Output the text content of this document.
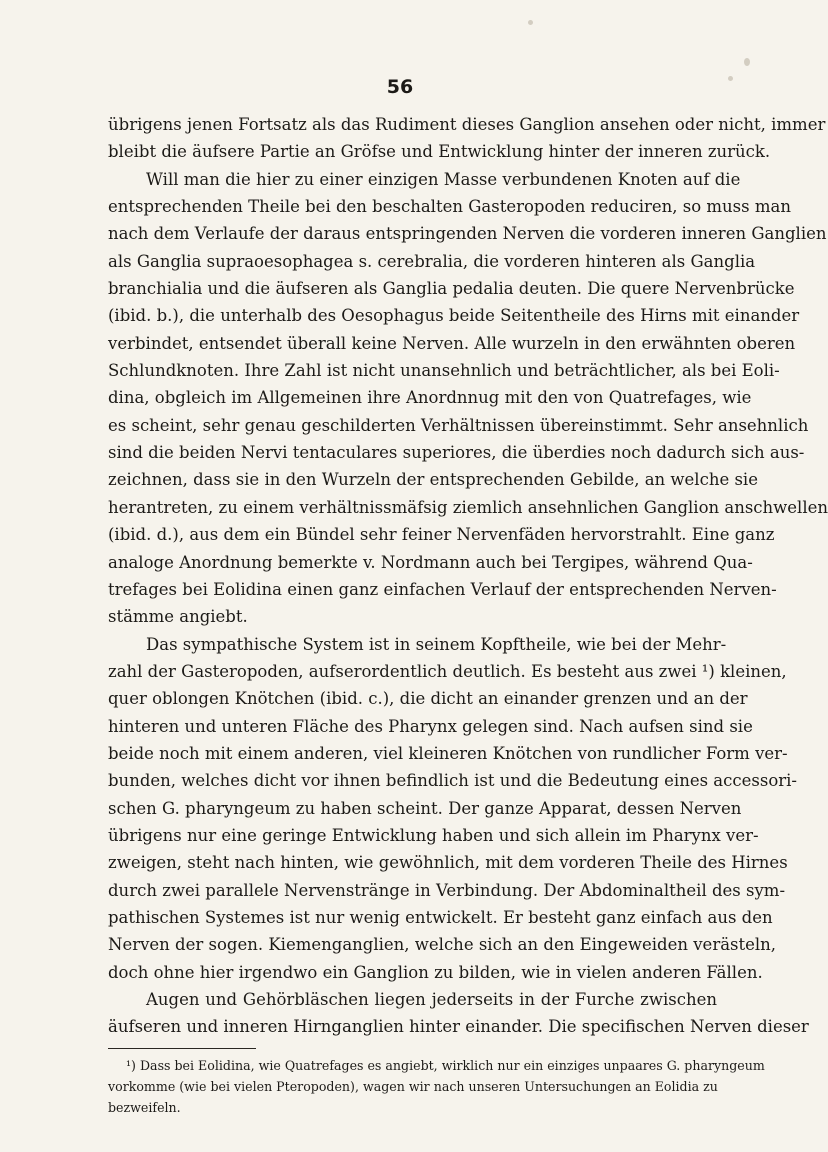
56
übrigens jenen Fortsatz als das Rudiment dieses Ganglion ansehen oder nicht, immer
bleibt die äufsere Partie an Gröfse und Entwicklung hinter der inneren zurück.
Will man die hier zu einer einzigen Masse verbundenen Knoten auf die
entsprechenden Theile bei den beschalten Gasteropoden reduciren, so muss man
nach dem Verlaufe der daraus entspringenden Nerven die vorderen inneren Ganglien
als Ganglia supraoesophagea s. cerebralia, die vorderen hinteren als Ganglia
branchialia und die äufseren als Ganglia pedalia deuten. Die quere Nervenbrücke
(ibid. b.), die unterhalb des Oesophagus beide Seitentheile des Hirns mit einander
verbindet, entsendet überall keine Nerven. Alle wurzeln in den erwähnten oberen
Schlundknoten. Ihre Zahl ist nicht unansehnlich und beträchtlicher, als bei Eoli-
dina, obgleich im Allgemeinen ihre Anordnnug mit den von Quatrefages, wie
es scheint, sehr genau geschilderten Verhältnissen übereinstimmt. Sehr ansehnlich
sind die beiden Nervi tentaculares superiores, die überdies noch dadurch sich aus-
zeichnen, dass sie in den Wurzeln der entsprechenden Gebilde, an welche sie
herantreten, zu einem verhältnissmäfsig ziemlich ansehnlichen Ganglion anschwellen
(ibid. d.), aus dem ein Bündel sehr feiner Nervenfäden hervorstrahlt. Eine ganz
analoge Anordnung bemerkte v. Nordmann auch bei Tergipes, während Qua-
trefages bei Eolidina einen ganz einfachen Verlauf der entsprechenden Nerven-
stämme angiebt.
Das sympathische System ist in seinem Kopftheile, wie bei der Mehr-
zahl der Gasteropoden, aufserordentlich deutlich. Es besteht aus zwei ¹) kleinen,
quer oblongen Knötchen (ibid. c.), die dicht an einander grenzen und an der
hinteren und unteren Fläche des Pharynx gelegen sind. Nach aufsen sind sie
beide noch mit einem anderen, viel kleineren Knötchen von rundlicher Form ver-
bunden, welches dicht vor ihnen befindlich ist und die Bedeutung eines accessori-
schen G. pharyngeum zu haben scheint. Der ganze Apparat, dessen Nerven
übrigens nur eine geringe Entwicklung haben und sich allein im Pharynx ver-
zweigen, steht nach hinten, wie gewöhnlich, mit dem vorderen Theile des Hirnes
durch zwei parallele Nervenstränge in Verbindung. Der Abdominaltheil des sym-
pathischen Systemes ist nur wenig entwickelt. Er besteht ganz einfach aus den
Nerven der sogen. Kiemenganglien, welche sich an den Eingeweiden verästeln,
doch ohne hier irgendwo ein Ganglion zu bilden, wie in vielen anderen Fällen.
Augen und Gehörbläschen liegen jederseits in der Furche zwischen
äufseren und inneren Hirnganglien hinter einander. Die specifischen Nerven dieser
¹) Dass bei Eolidina, wie Quatrefages es angiebt, wirklich nur ein einziges unpaares G. pharyngeum
vorkomme (wie bei vielen Pteropoden), wagen wir nach unseren Untersuchungen an Eolidia zu
bezweifeln.
